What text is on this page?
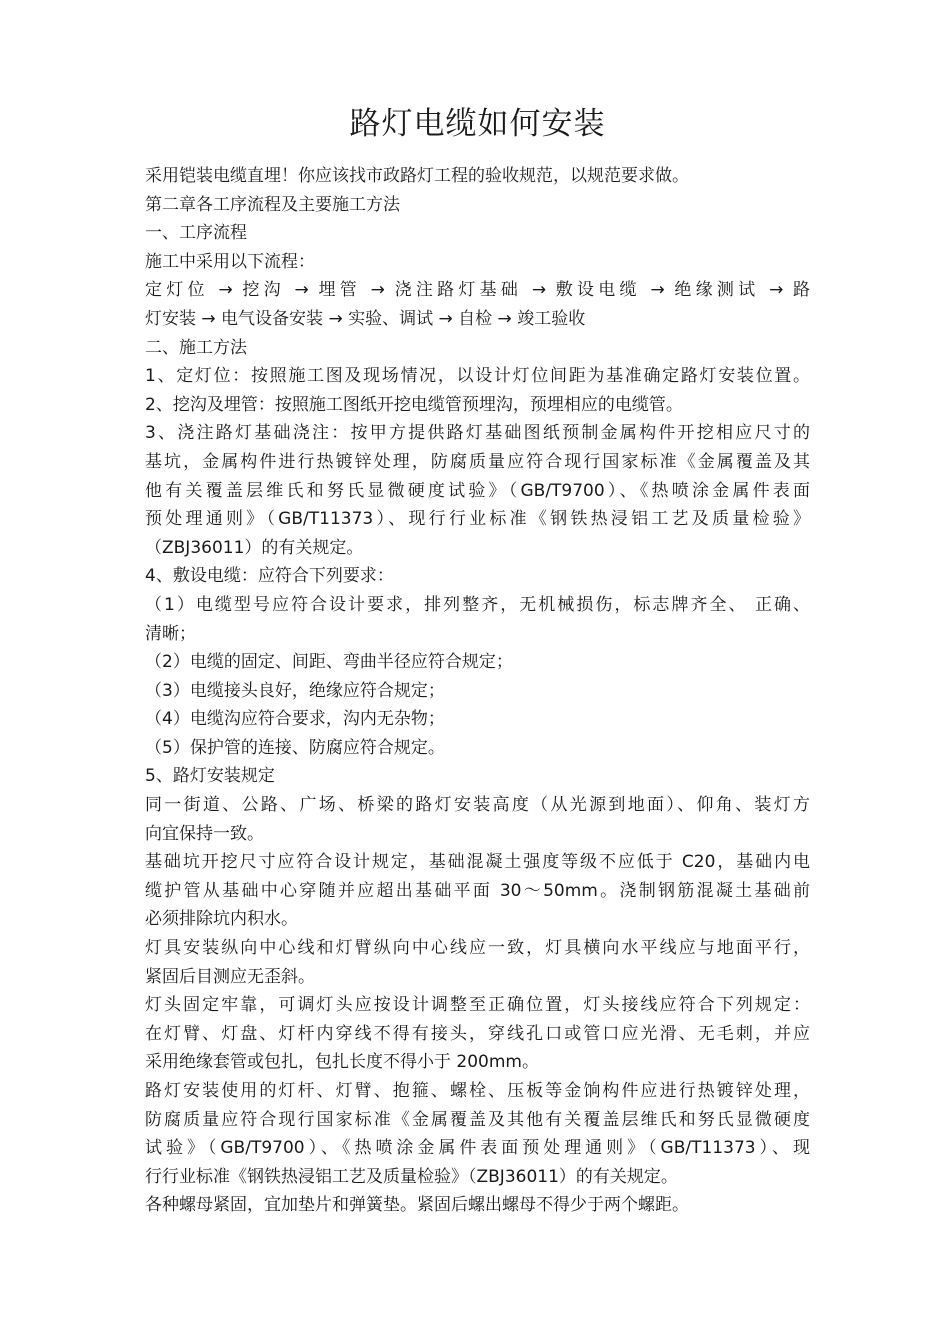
路灯电缆如何安装

采用铠装电缆直埋！你应该找市政路灯工程的验收规范，以规范要求做。

第二章各工序流程及主要施工方法

一、工序流程

施工中采用以下流程：

定灯位 → 挖沟 → 埋管 → 浇注路灯基础 → 敷设电缆 → 绝缘测试 → 路

灯安装 → 电气设备安装 → 实验、调试 → 自检 → 竣工验收

二、施工方法

1、定灯位：按照施工图及现场情况，以设计灯位间距为基准确定路灯安装位置。

2、挖沟及埋管：按照施工图纸开挖电缆管预埋沟，预埋相应的电缆管。

3、浇注路灯基础浇注：按甲方提供路灯基础图纸预制金属构件开挖相应尺寸的

基坑，金属构件进行热镀锌处理，防腐质量应符合现行国家标准《金属覆盖及其

他有关覆盖层维氏和努氏显微硬度试验》（GB/T9700）、《热喷涂金属件表面

预处理通则》（GB/T11373）、现行行业标准《钢铁热浸铝工艺及质量检验》

（ZBJ36011）的有关规定。

4、敷设电缆：应符合下列要求：

（1）电缆型号应符合设计要求，排列整齐，无机械损伤，标志牌齐全、 正确、

清晰；

（2）电缆的固定、间距、弯曲半径应符合规定；

（3）电缆接头良好，绝缘应符合规定；

（4）电缆沟应符合要求，沟内无杂物；

（5）保护管的连接、防腐应符合规定。

5、路灯安装规定

同一街道、公路、广场、桥梁的路灯安装高度（从光源到地面）、仰角、装灯方

向宜保持一致。

基础坑开挖尺寸应符合设计规定，基础混凝土强度等级不应低于 C20，基础内电

缆护管从基础中心穿随并应超出基础平面 30～50mm。浇制钢筋混凝土基础前

必须排除坑内积水。

灯具安装纵向中心线和灯臂纵向中心线应一致，灯具横向水平线应与地面平行，

紧固后目测应无歪斜。

灯头固定牢靠，可调灯头应按设计调整至正确位置，灯头接线应符合下列规定：

在灯臂、灯盘、灯杆内穿线不得有接头，穿线孔口或管口应光滑、无毛刺，并应

采用绝缘套管或包扎，包扎长度不得小于 200mm。

路灯安装使用的灯杆、灯臂、抱箍、螺栓、压板等金饷构件应进行热镀锌处理，

防腐质量应符合现行国家标准《金属覆盖及其他有关覆盖层维氏和努氏显微硬度

试验》（GB/T9700）、《热喷涂金属件表面预处理通则》（GB/T11373）、现

行行业标准《钢铁热浸铝工艺及质量检验》（ZBJ36011）的有关规定。

各种螺母紧固，宜加垫片和弹簧垫。紧固后螺出螺母不得少于两个螺距。
